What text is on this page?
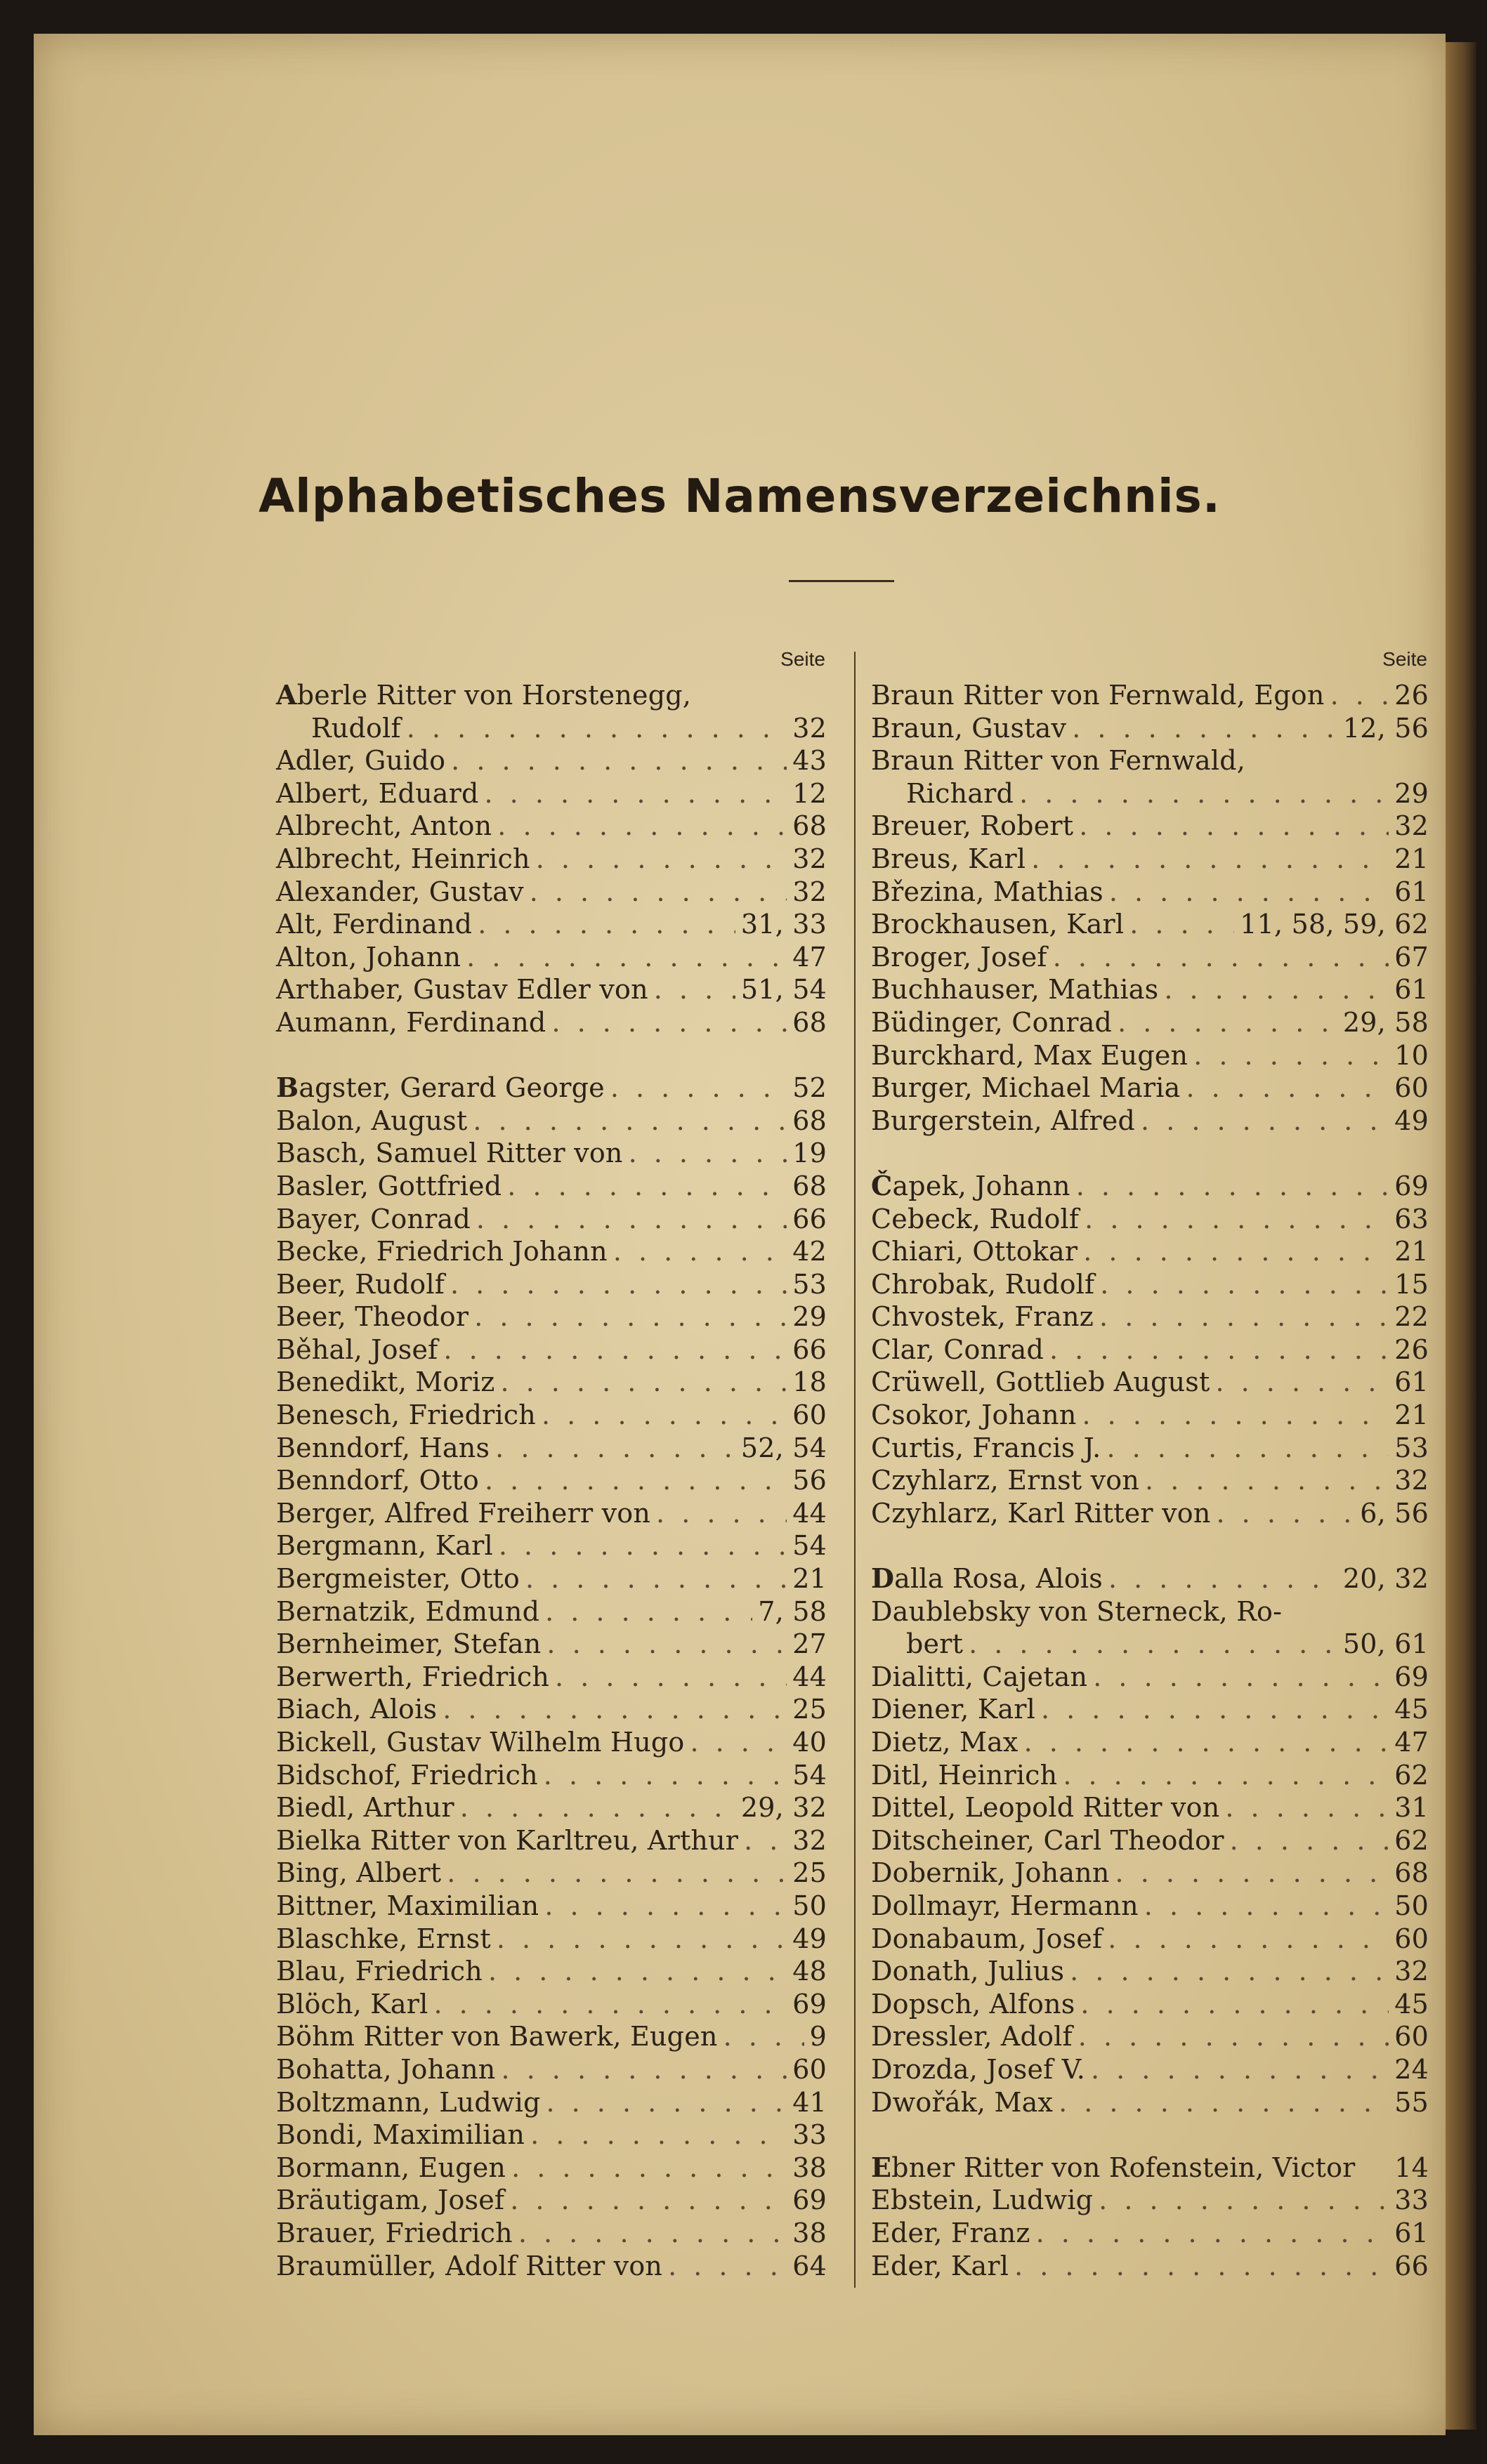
Alphabetisches Namensverzeichnis.
Seite
Aberle Ritter von Horstenegg,
Rudolf . . .	32
Adler, Guido . . .	43
Albert, Eduard . . .	12
Albrecht, Anton . . .	68
Albrecht, Heinrich . . .	32
Alexander, Gustav . . .	32
Alt, Ferdinand . . .	31, 33
Alton, Johann . . .	47
Arthaber, Gustav Edler von . . .	51, 54
Aumann, Ferdinand . . .	68
Bagster, Gerard George . . .	52
Balon, August . . .	68
Basch, Samuel Ritter von . . .	19
Basler, Gottfried . . .	68
Bayer, Conrad . . .	66
Becke, Friedrich Johann . . .	42
Beer, Rudolf . . .	53
Beer, Theodor . . .	29
Běhal, Josef . . .	66
Benedikt, Moriz . . .	18
Benesch, Friedrich . . .	60
Benndorf, Hans . . .	52, 54
Benndorf, Otto . . .	56
Berger, Alfred Freiherr von . . .	44
Bergmann, Karl . . .	54
Bergmeister, Otto . . .	21
Bernatzik, Edmund . . .	7, 58
Bernheimer, Stefan . . .	27
Berwerth, Friedrich . . .	44
Biach, Alois . . .	25
Bickell, Gustav Wilhelm Hugo . . .	40
Bidschof, Friedrich . . .	54
Biedl, Arthur . . .	29, 32
Bielka Ritter von Karltreu, Arthur . . . 32
Bing, Albert . . .	25
Bittner, Maximilian . . .	50
Blaschke, Ernst . . .	49
Blau, Friedrich . . .	48
Blöch, Karl . . .	69
Böhm Ritter von Bawerk, Eugen . . .	9
Bohatta, Johann . . .	60
Boltzmann, Ludwig . . .	41
Bondi, Maximilian . . .	33
Bormann, Eugen . . .	38
Bräutigam, Josef . . .	69
Brauer, Friedrich . . .	38
Braumüller, Adolf Ritter von . . .	64
Seite
Braun Ritter von Fernwald, Egon . . .	26
Braun, Gustav . . .	12, 56
Braun Ritter von Fernwald,
Richard . . .	29
Breuer, Robert . . .	32
Breus, Karl . . .	21
Březina, Mathias . . .	61
Brockhausen, Karl . . .	11, 58, 59, 62
Broger, Josef . . .	67
Buchhauser, Mathias . . .	61
Büdinger, Conrad . . .	29, 58
Burckhard, Max Eugen . . .	10
Burger, Michael Maria . . .	60
Burgerstein, Alfred . . .	49
Čapek, Johann . . .	69
Cebeck, Rudolf . . .	63
Chiari, Ottokar . . .	21
Chrobak, Rudolf . . .	15
Chvostek, Franz . . .	22
Clar, Conrad . . .	26
Crüwell, Gottlieb August . . .	61
Csokor, Johann . . .	21
Curtis, Francis J. . . .	53
Czyhlarz, Ernst von . . .	32
Czyhlarz, Karl Ritter von . . .	6, 56
Dalla Rosa, Alois . . .	20, 32
Daublebsky von Sterneck, Ro-
bert . . .	50, 61
Dialitti, Cajetan . . .	69
Diener, Karl . . .	45
Dietz, Max . . .	47
Ditl, Heinrich . . .	62
Dittel, Leopold Ritter von . . .	31
Ditscheiner, Carl Theodor . . .	62
Dobernik, Johann . . .	68
Dollmayr, Hermann . . .	50
Donabaum, Josef . . .	60
Donath, Julius . . .	32
Dopsch, Alfons . . .	45
Dressler, Adolf . . .	60
Drozda, Josef V. . . .	24
Dwořák, Max . . .	55
Ebner Ritter von Rofenstein, Victor 14
Ebstein, Ludwig . . .	33
Eder, Franz . . .	61
Eder, Karl . . .	66
